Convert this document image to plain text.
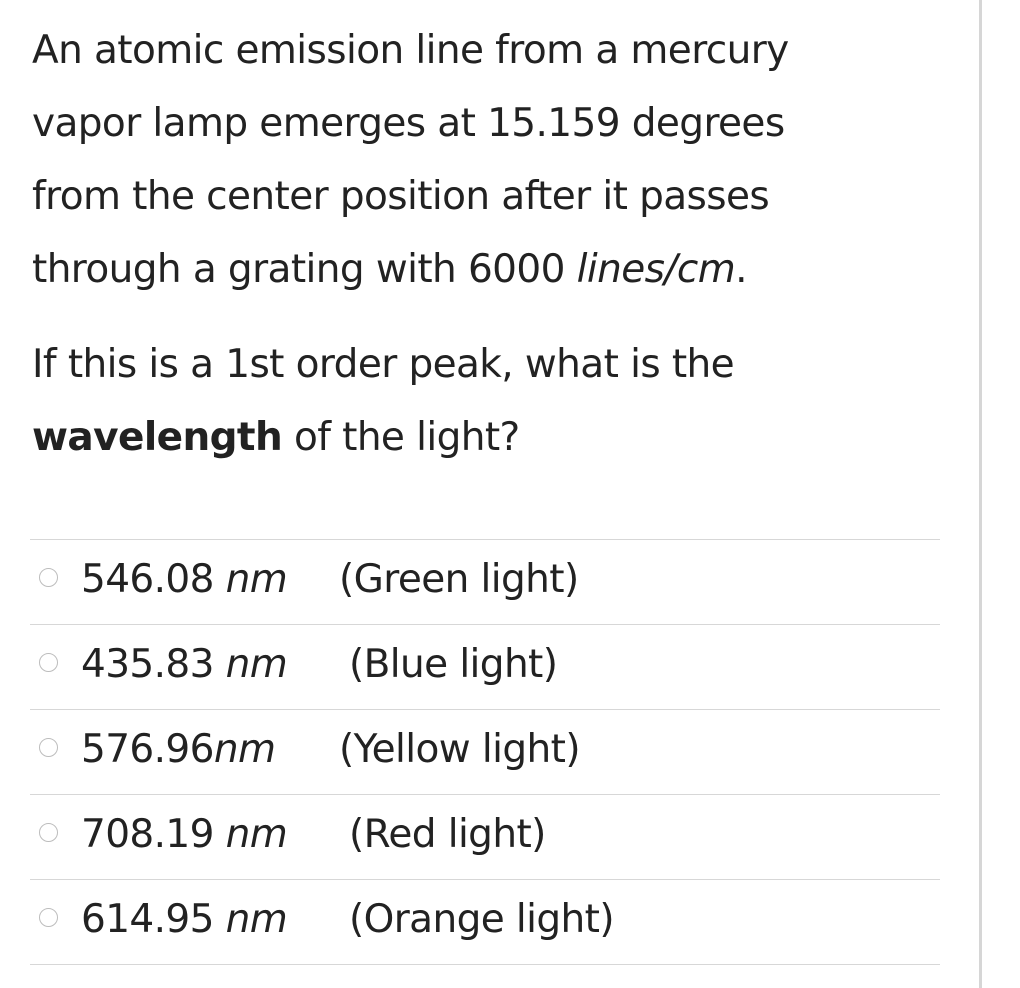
An atomic emission line from a mercury
vapor lamp emerges at 15.159 degrees
from the center position after it passes
through a grating with 6000 lines/cm.
If this is a 1st order peak, what is the
wavelength of the light?
546.08 nm (Green light)
435.83 nm (Blue light)
576.96nm (Yellow light)
708.19 nm (Red light)
614.95 nm (Orange light)
